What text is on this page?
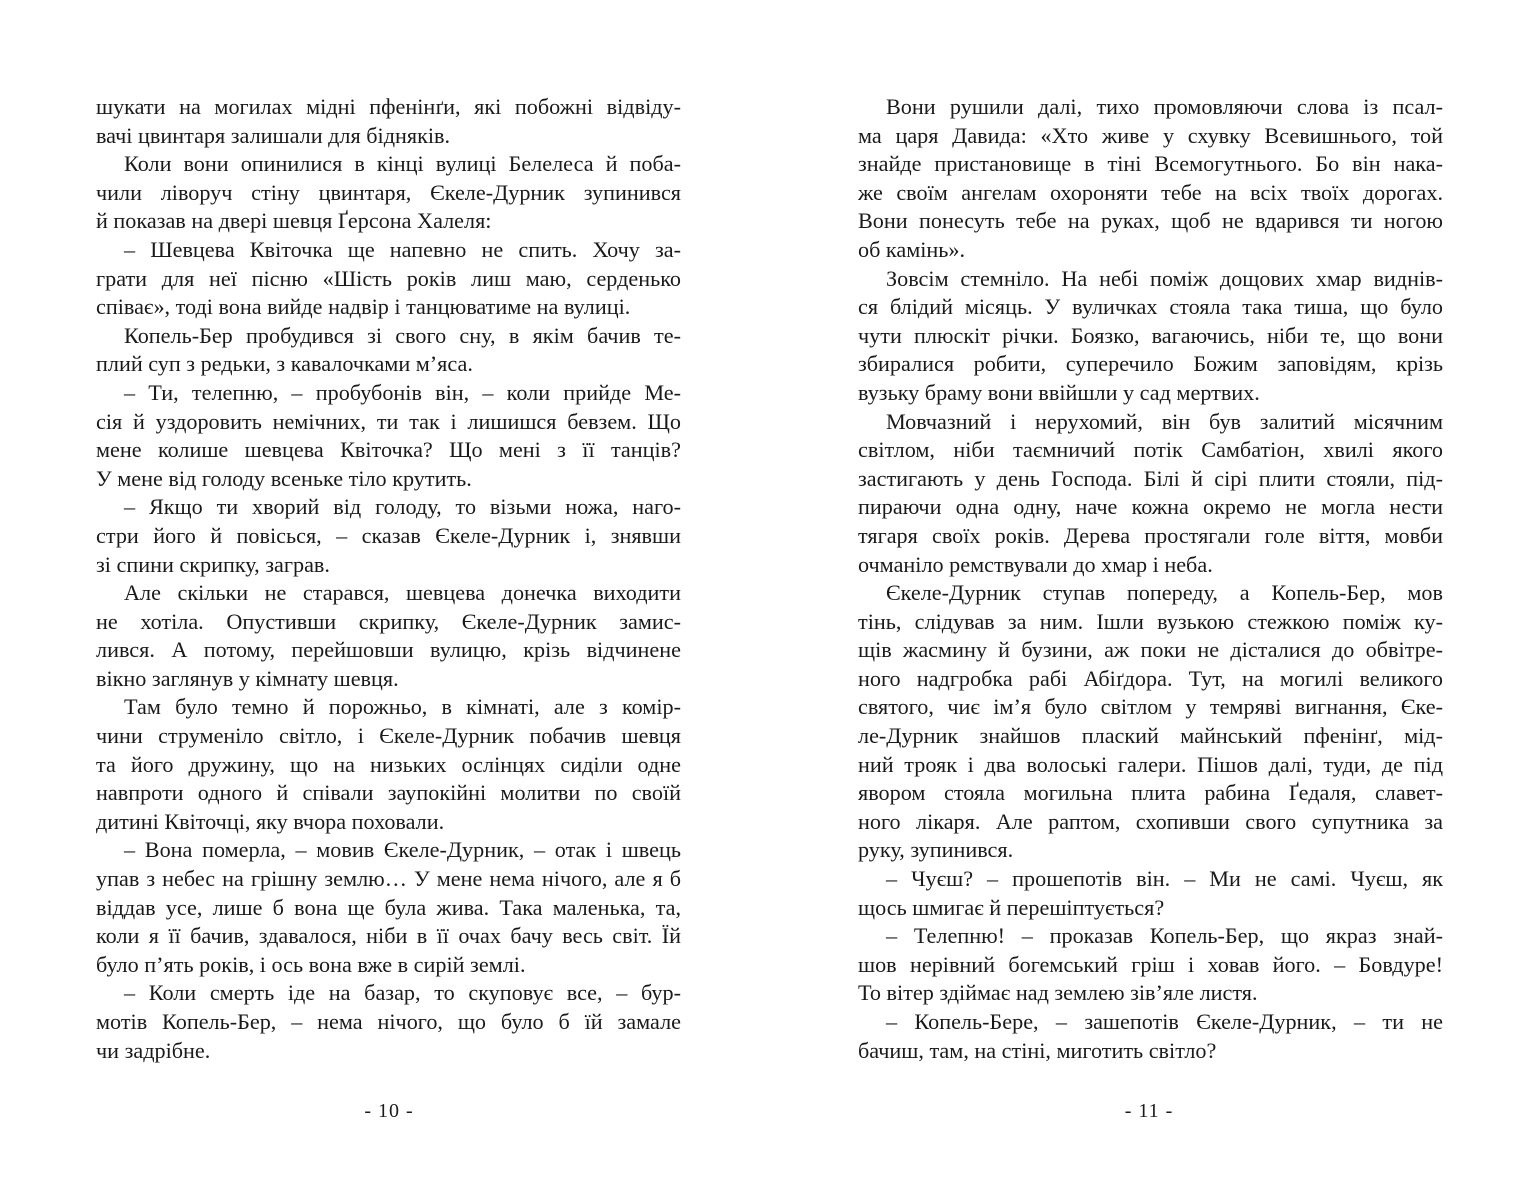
шукати на могилах мідні пфенінґи, які побожні відвіду-
вачі цвинтаря залишали для бідняків.
Коли вони опинилися в кінці вулиці Белелеса й поба-
чили ліворуч стіну цвинтаря, Єкеле-Дурник зупинився
й показав на двері шевця Ґерсона Халеля:
– Шевцева Квіточка ще напевно не спить. Хочу за-
грати для неї пісню «Шість років лиш маю, серденько
співає», тоді вона вийде надвір і танцюватиме на вулиці.
Копель-Бер пробудився зі свого сну, в якім бачив те-
плий суп з редьки, з кавалочками м’яса.
– Ти, телепню, – пробубонів він, – коли прийде Ме-
сія й уздоровить немічних, ти так і лишишся бевзем. Що
мене колише шевцева Квіточка? Що мені з її танців?
У мене від голоду всеньке тіло крутить.
– Якщо ти хворий від голоду, то візьми ножа, наго-
стри його й повісься, – сказав Єкеле-Дурник і, знявши
зі спини скрипку, заграв.
Але скільки не старався, шевцева донечка виходити
не хотіла. Опустивши скрипку, Єкеле-Дурник замис-
лився. А потому, перейшовши вулицю, крізь відчинене
вікно заглянув у кімнату шевця.
Там було темно й порожньо, в кімнаті, але з комір-
чини струменіло світло, і Єкеле-Дурник побачив шевця
та його дружину, що на низьких ослінцях сиділи одне
навпроти одного й співали заупокійні молитви по своїй
дитині Квіточці, яку вчора поховали.
– Вона померла, – мовив Єкеле-Дурник, – отак і швець
упав з небес на грішну землю… У мене нема нічого, але я б
віддав усе, лише б вона ще була жива. Така маленька, та,
коли я її бачив, здавалося, ніби в її очах бачу весь світ. Їй
було п’ять років, і ось вона вже в сирій землі.
– Коли смерть іде на базар, то скуповує все, – бур-
мотів Копель-Бер, – нема нічого, що було б їй замале
чи задрібне.
Вони рушили далі, тихо промовляючи слова із псал-
ма царя Давида: «Хто живе у схувку Всевишнього, той
знайде пристановище в тіні Всемогутнього. Бо він нака-
же своїм ангелам охороняти тебе на всіх твоїх дорогах.
Вони понесуть тебе на руках, щоб не вдарився ти ногою
об камінь».
Зовсім стемніло. На небі поміж дощових хмар виднів-
ся блідий місяць. У вуличках стояла така тиша, що було
чути плюскіт річки. Боязко, вагаючись, ніби те, що вони
збиралися робити, суперечило Божим заповідям, крізь
вузьку браму вони ввійшли у сад мертвих.
Мовчазний і нерухомий, він був залитий місячним
світлом, ніби таємничий потік Самбатіон, хвилі якого
застигають у день Господа. Білі й сірі плити стояли, під-
пираючи одна одну, наче кожна окремо не могла нести
тягаря своїх років. Дерева простягали голе віття, мовби
очманіло ремствували до хмар і неба.
Єкеле-Дурник ступав попереду, а Копель-Бер, мов
тінь, слідував за ним. Ішли вузькою стежкою поміж ку-
щів жасмину й бузини, аж поки не дісталися до обвітре-
ного надгробка рабі Абіґдора. Тут, на могилі великого
святого, чиє ім’я було світлом у темряві вигнання, Єке-
ле-Дурник знайшов плаский майнський пфенінґ, мід-
ний трояк і два волоські галери. Пішов далі, туди, де під
явором стояла могильна плита рабина Ґедаля, славет-
ного лікаря. Але раптом, схопивши свого супутника за
руку, зупинився.
– Чуєш? – прошепотів він. – Ми не самі. Чуєш, як
щось шмигає й перешіптується?
– Телепню! – проказав Копель-Бер, що якраз знай-
шов нерівний богемський гріш і ховав його. – Бовдуре!
То вітер здіймає над землею зів’яле листя.
– Копель-Бере, – зашепотів Єкеле-Дурник, – ти не
бачиш, там, на стіні, миготить світло?
- 10 -	- 11 -
